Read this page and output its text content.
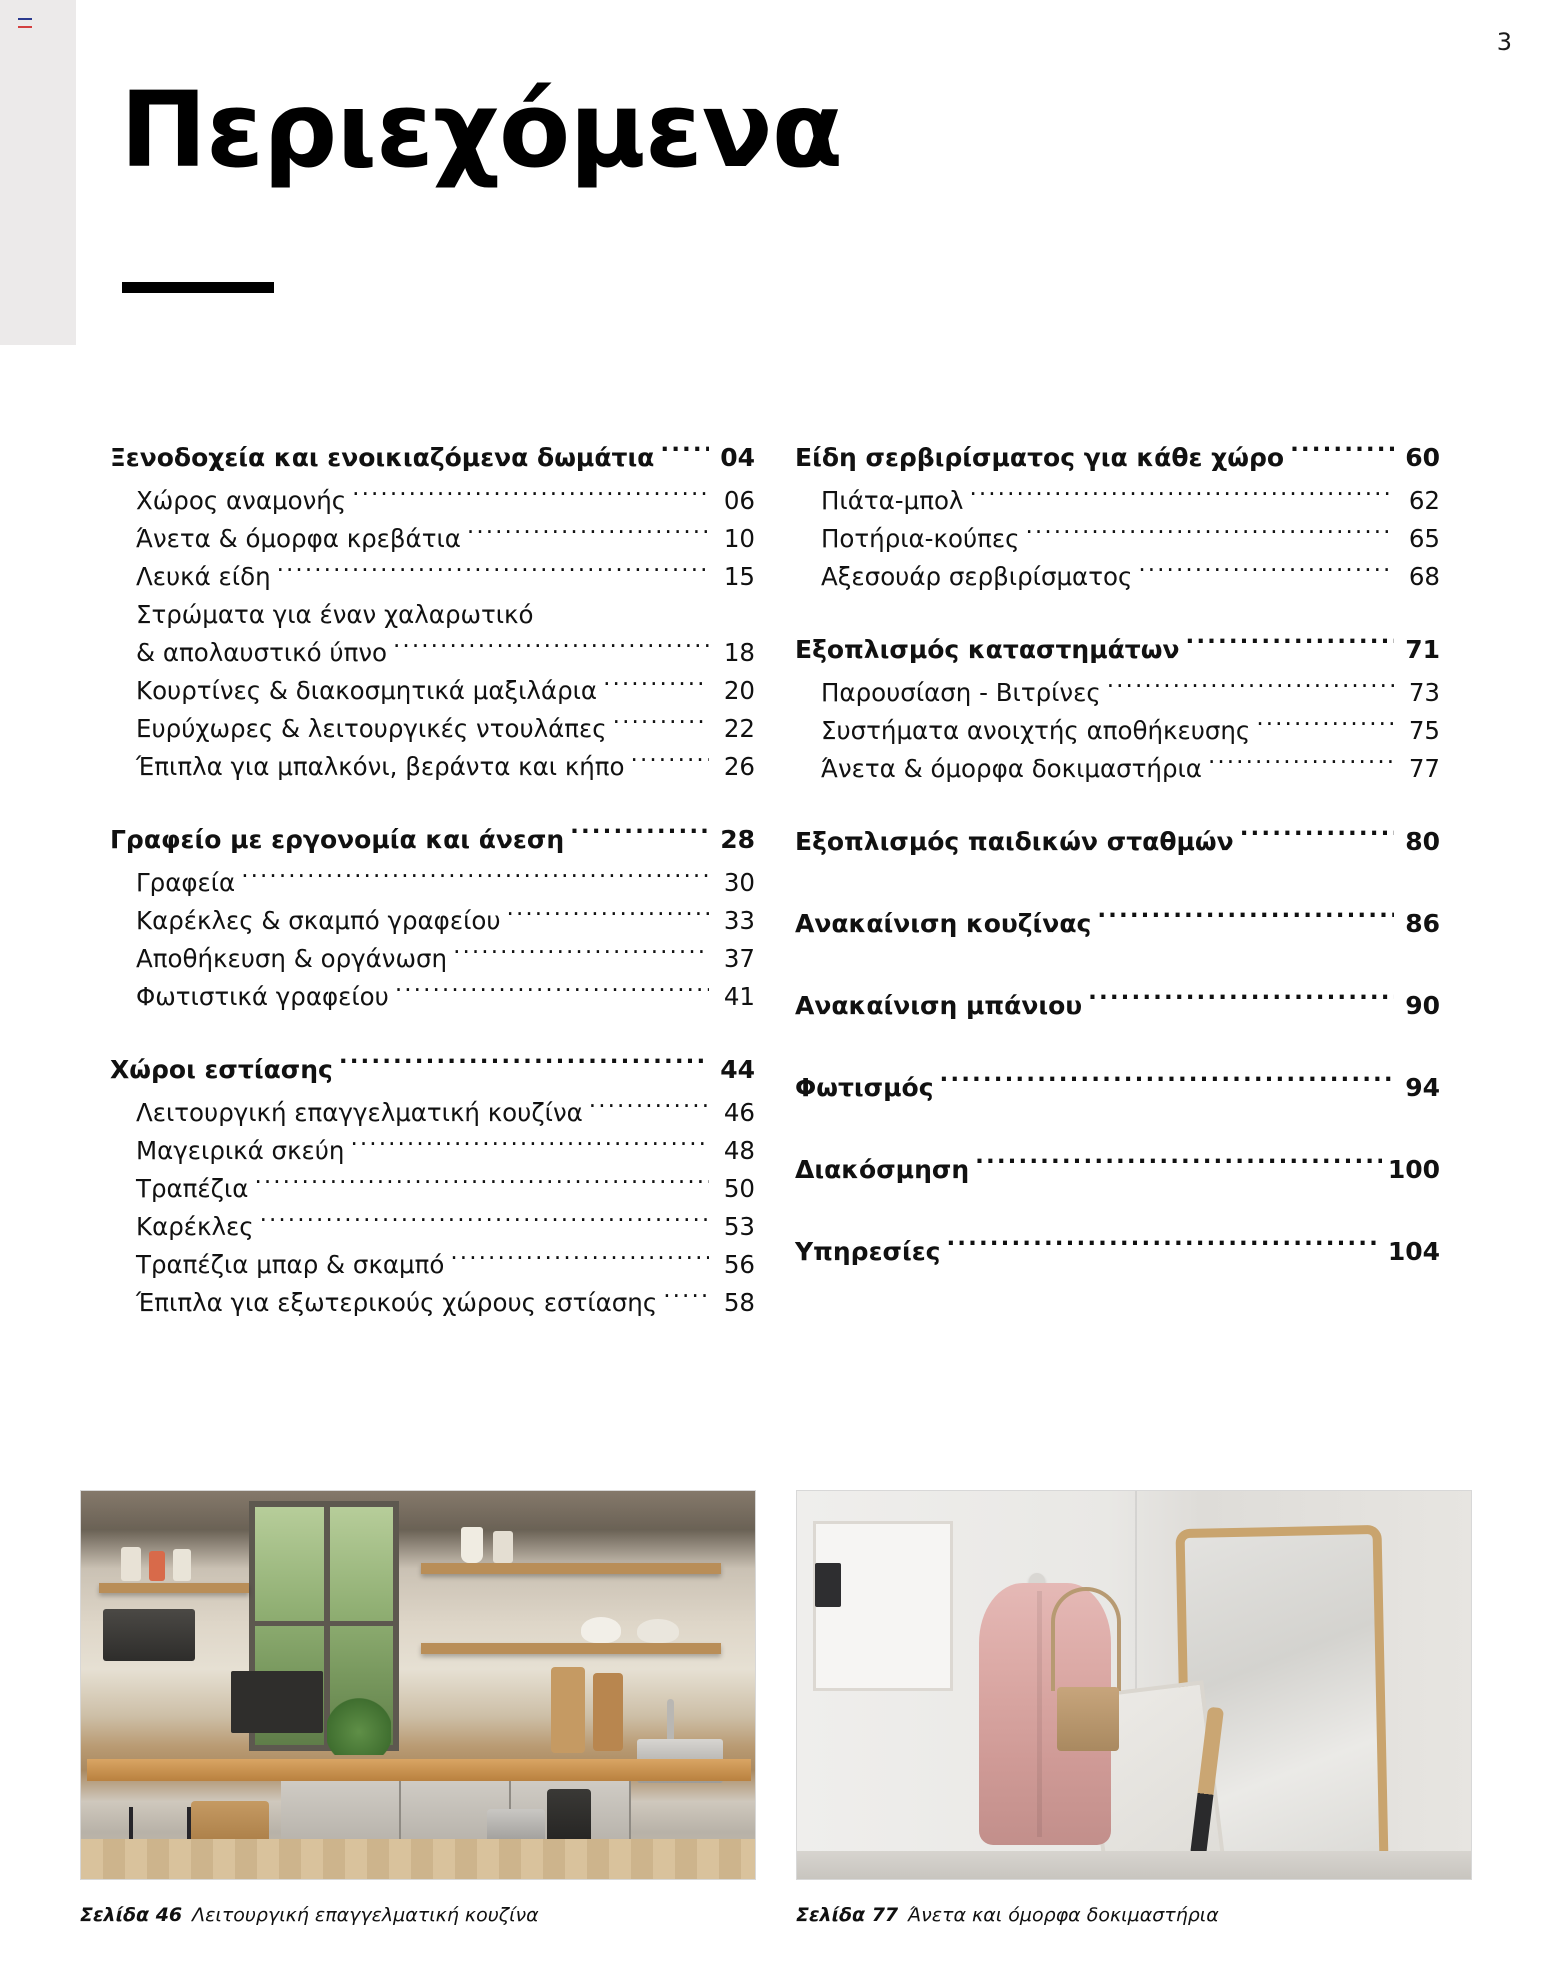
3
Περιεχόμενα
Ξενοδοχεία και ενοικιαζόμενα δωμάτια .....	04
Χώρος αναμονής .....	06
Άνετα & όμορφα κρεβάτια .....	10
Λευκά είδη .....	15
Στρώματα για έναν χαλαρωτικό
& απολαυστικό ύπνο .....	18
Κουρτίνες & διακοσμητικά μαξιλάρια .....	20
Ευρύχωρες & λειτουργικές ντουλάπες .....	22
Έπιπλα για μπαλκόνι, βεράντα και κήπο .....	26
Γραφείο με εργονομία και άνεση .....	28
Γραφεία .....	30
Καρέκλες & σκαμπό γραφείου .....	33
Αποθήκευση & οργάνωση .....	37
Φωτιστικά γραφείου .....	41
Χώροι εστίασης .....	44
Λειτουργική επαγγελματική κουζίνα .....	46
Μαγειρικά σκεύη .....	48
Τραπέζια .....	50
Καρέκλες .....	53
Τραπέζια μπαρ & σκαμπό .....	56
Έπιπλα για εξωτερικούς χώρους εστίασης .....	58
Είδη σερβιρίσματος για κάθε χώρο .....	60
Πιάτα-μπολ .....	62
Ποτήρια-κούπες .....	65
Αξεσουάρ σερβιρίσματος .....	68
Εξοπλισμός καταστημάτων .....	71
Παρουσίαση - Βιτρίνες .....	73
Συστήματα ανοιχτής αποθήκευσης .....	75
Άνετα & όμορφα δοκιμαστήρια .....	77
Εξοπλισμός παιδικών σταθμών .....	80
Ανακαίνιση κουζίνας .....	86
Ανακαίνιση μπάνιου .....	90
Φωτισμός .....	94
Διακόσμηση .....	100
Υπηρεσίες .....	104
Σελίδα 46 Λειτουργική επαγγελματική κουζίνα	Σελίδα 77 Άνετα και όμορφα δοκιμαστήρια
